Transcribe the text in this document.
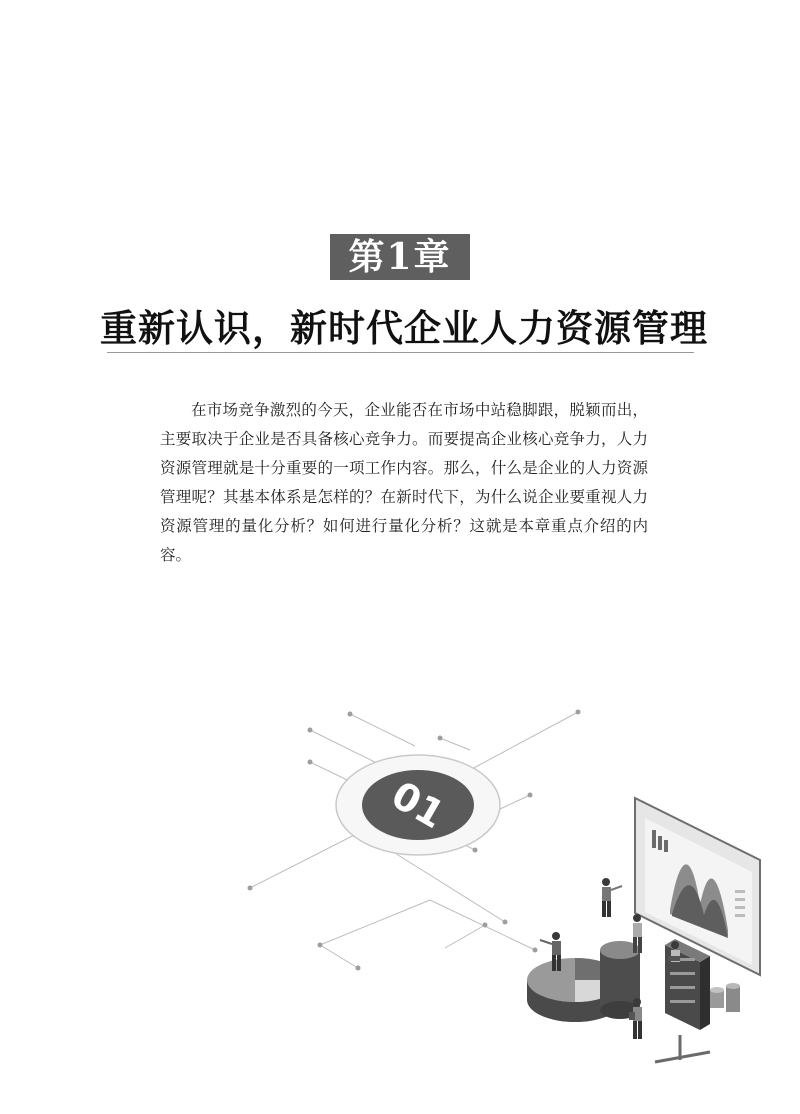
第1章
重新认识，新时代企业人力资源管理

在市场竞争激烈的今天，企业能否在市场中站稳脚跟，脱颖而出，主要取决于企业是否具备核心竞争力。而要提高企业核心竞争力，人力资源管理就是十分重要的一项工作内容。那么，什么是企业的人力资源管理呢？其基本体系是怎样的？在新时代下，为什么说企业要重视人力资源管理的量化分析？如何进行量化分析？这就是本章重点介绍的内容。

01
